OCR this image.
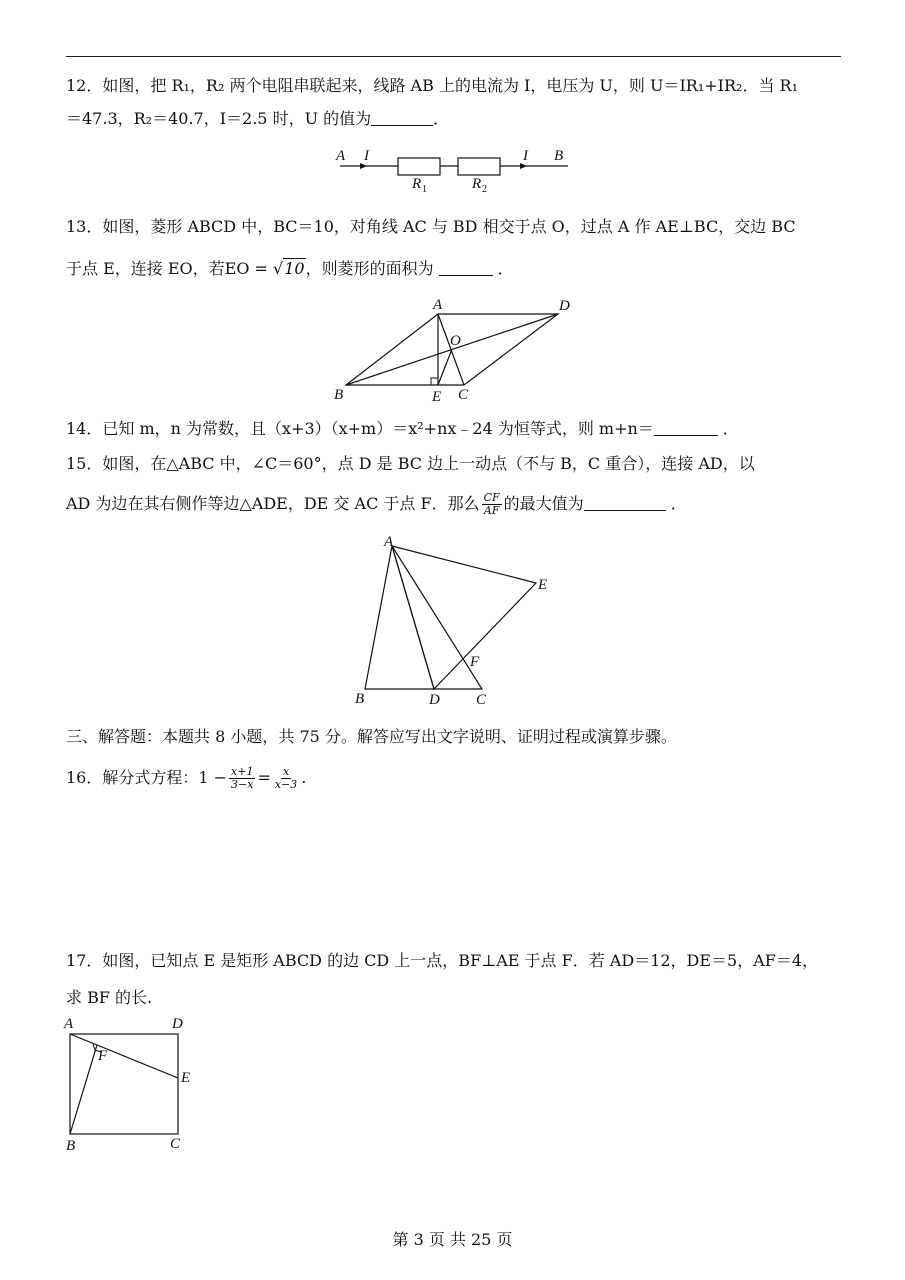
12．如图，把 R₁，R₂ 两个电阻串联起来，线路 AB 上的电流为 I，电压为 U，则 U＝IR₁+IR₂．当 R₁
＝47.3，R₂＝40.7，I＝2.5 时，U 的值为	．
A I	I B
R 1	R 2
13．如图，菱形 ABCD 中，BC＝10，对角线 AC 与 BD 相交于点 O，过点 A 作 AE⊥BC，交边 BC
于点 E，连接 EO，若EO = √10，则菱形的面积为	．
A	D
O
B	E C
14．已知 m，n 为常数，且（x+3）（x+m）＝x²+nx﹣24 为恒等式，则 m+n＝	．
15．如图，在△ABC 中，∠C＝60°，点 D 是 BC 边上一动点（不与 B，C 重合），连接 AD，以
AD 为边在其右侧作等边△ADE，DE 交 AC 于点 F．那么 $\frac{CF}{AF}$ 的最大值为	．
A
E
F
B	D C
三、解答题：本题共 8 小题，共 75 分。解答应写出文字说明、证明过程或演算步骤。
16．解分式方程：$1 - \frac{x+1}{3-x} = \frac{x}{x-3}$ .
17．如图，已知点 E 是矩形 ABCD 的边 CD 上一点，BF⊥AE 于点 F．若 AD＝12，DE＝5，AF＝4，
求 BF 的长.
A	D
F
E
B	C
第 3 页 共 25 页
